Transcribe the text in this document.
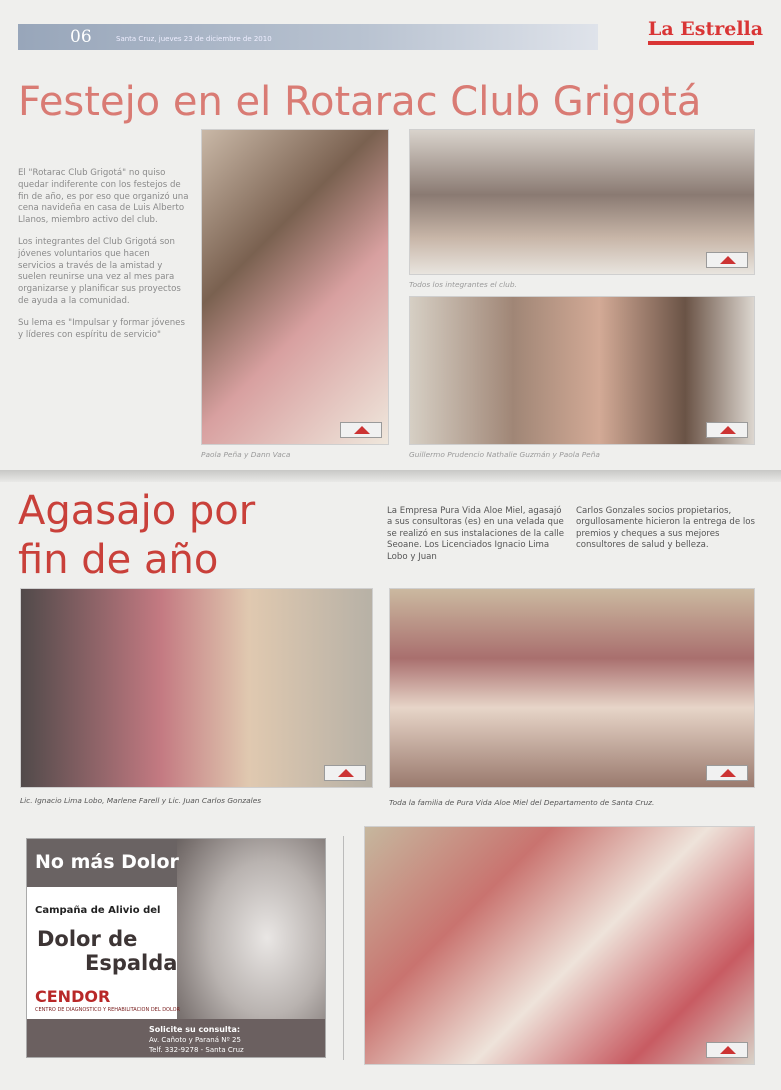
06	Santa Cruz, jueves 23 de diciembre de 2010	La Estrella
Festejo en el Rotarac Club Grigotá

El "Rotarac Club Grigotá" no quiso quedar indiferente con los festejos de fin de año, es por eso que organizó una cena navideña en casa de Luis Alberto Llanos, miembro activo del club.

Los integrantes del Club Grigotá son jóvenes voluntarios que hacen servicios a través de la amistad y suelen reunirse una vez al mes para organizarse y planificar sus proyectos de ayuda a la comunidad.

Su lema es "Impulsar y formar jóvenes y líderes con espíritu de servicio"

Paola Peña y Dann Vaca
Todos los integrantes el club.
Guillermo Prudencio Nathalie Guzmán y Paola Peña
Agasajo por
fin de año
La Empresa Pura Vida Aloe Miel, agasajó a sus consultoras (es) en una velada que se realizó en sus instalaciones de la calle Seoane. Los Licenciados Ignacio Lima Lobo y Juan
Carlos Gonzales socios propietarios, orgullosamente hicieron la entrega de los premios y cheques a sus mejores consultores de salud y belleza.
Lic. Ignacio Lima Lobo, Marlene Farell y Lic. Juan Carlos Gonzales	Toda la familia de Pura Vida Aloe Miel del Departamento de Santa Cruz.
No más Dolor
Campaña de Alivio del
Dolor de
Espalda
CENDOR
CENTRO DE DIAGNOSTICO Y REHABILITACION DEL DOLOR
Solicite su consulta:
Av. Cañoto y Paraná Nº 25
Telf. 332-9278 - Santa Cruz
